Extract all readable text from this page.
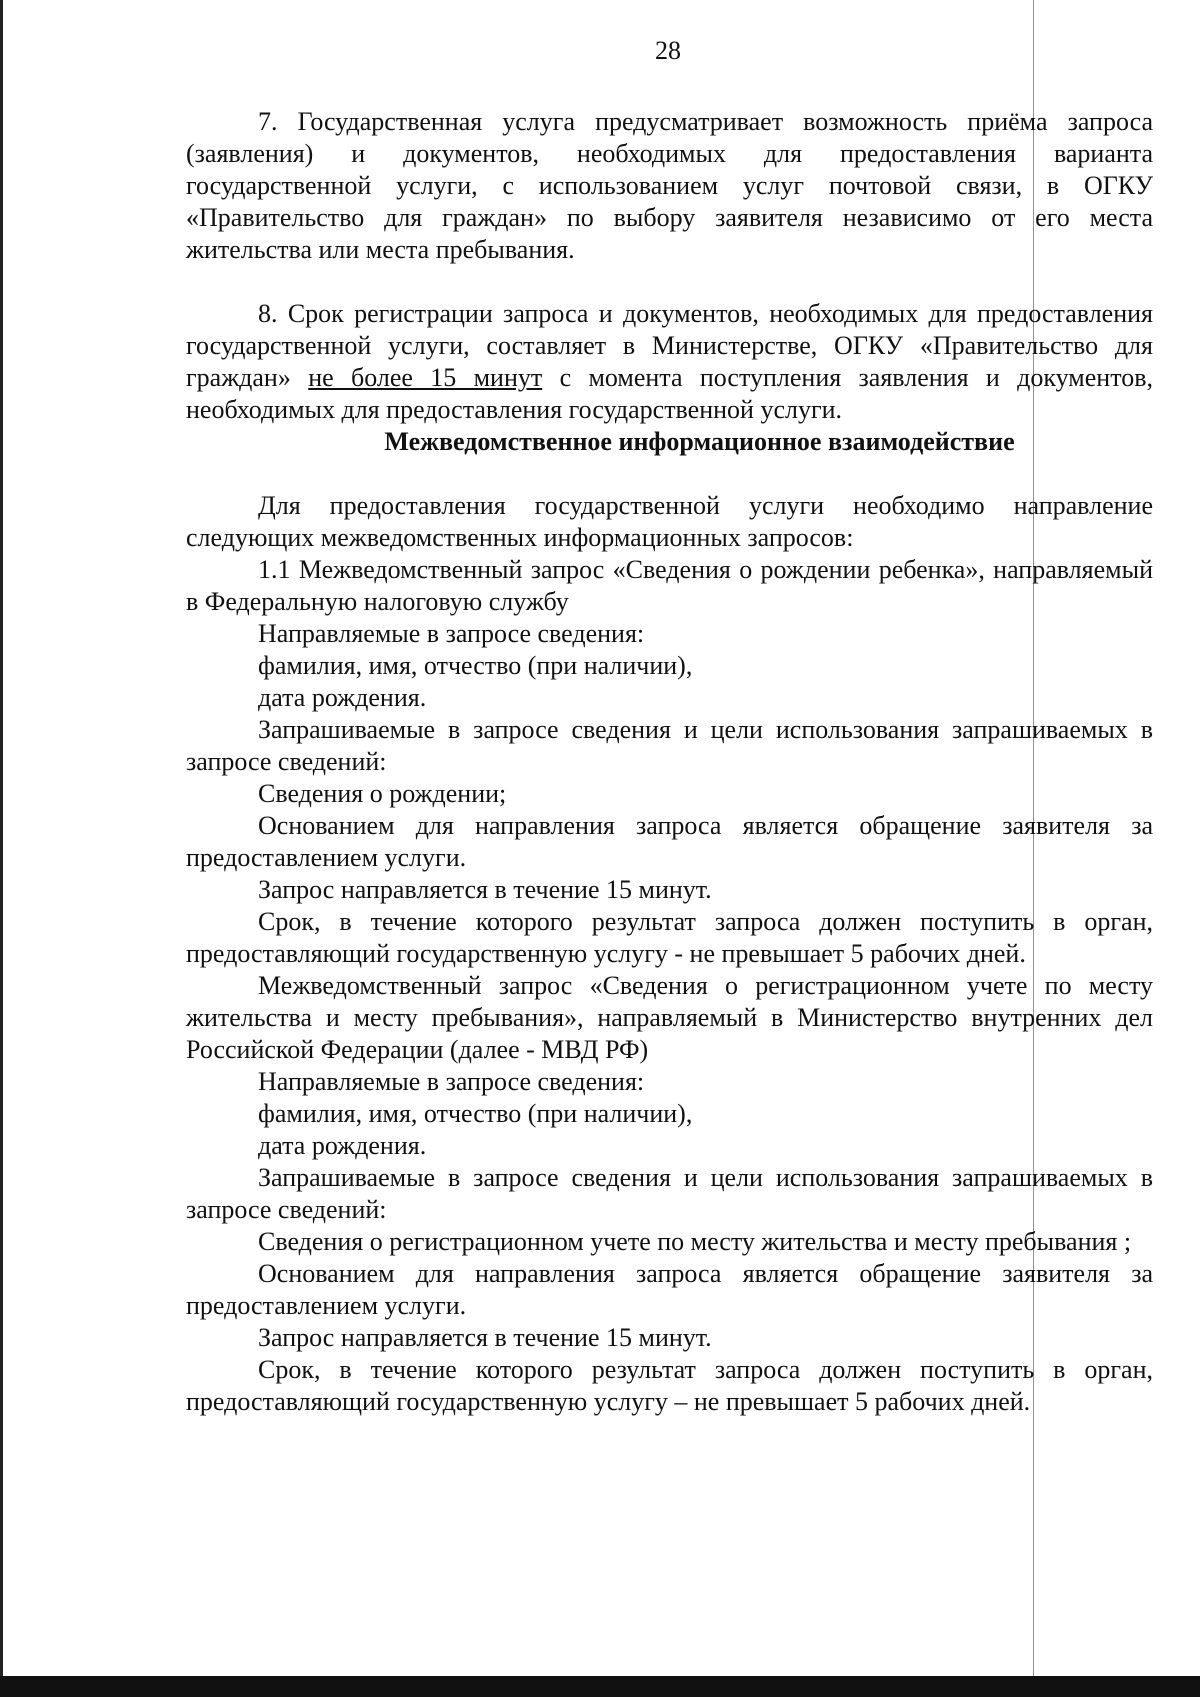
28

7. Государственная услуга предусматривает возможность приёма запроса (заявления) и документов, необходимых для предоставления варианта государственной услуги, с использованием услуг почтовой связи, в ОГКУ «Правительство для граждан» по выбору заявителя независимо от его места жительства или места пребывания.

8. Срок регистрации запроса и документов, необходимых для предоставления государственной услуги, составляет в Министерстве, ОГКУ «Правительство для граждан» не более 15 минут с момента поступления заявления и документов, необходимых для предоставления государственной услуги.

Межведомственное информационное взаимодействие

Для предоставления государственной услуги необходимо направление следующих межведомственных информационных запросов:

1.1 Межведомственный запрос «Сведения о рождении ребенка», направляемый в Федеральную налоговую службу

Направляемые в запросе сведения:

фамилия, имя, отчество (при наличии),

дата рождения.

Запрашиваемые в запросе сведения и цели использования запрашиваемых в запросе сведений:

Сведения о рождении;

Основанием для направления запроса является обращение заявителя за предоставлением услуги.

Запрос направляется в течение 15 минут.

Срок, в течение которого результат запроса должен поступить в орган, предоставляющий государственную услугу - не превышает 5 рабочих дней.

Межведомственный запрос «Сведения о регистрационном учете по месту жительства и месту пребывания», направляемый в Министерство внутренних дел Российской Федерации (далее - МВД РФ)

Направляемые в запросе сведения:

фамилия, имя, отчество (при наличии),

дата рождения.

Запрашиваемые в запросе сведения и цели использования запрашиваемых в запросе сведений:

Сведения о регистрационном учете по месту жительства и месту пребывания ;

Основанием для направления запроса является обращение заявителя за предоставлением услуги.

Запрос направляется в течение 15 минут.

Срок, в течение которого результат запроса должен поступить в орган, предоставляющий государственную услугу – не превышает 5 рабочих дней.
